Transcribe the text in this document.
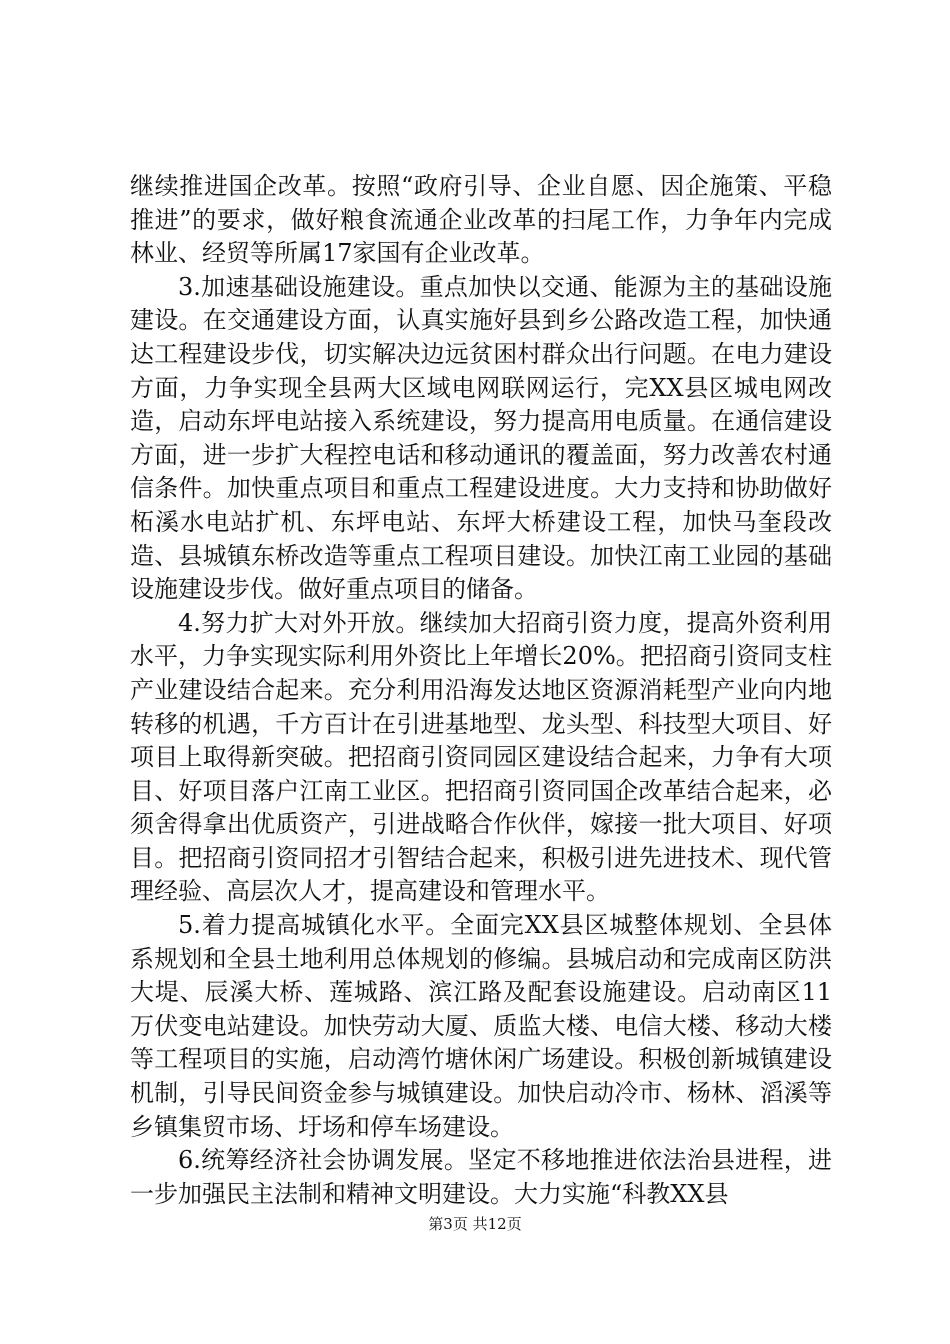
继续推进国企改革。按照“政府引导、企业自愿、因企施策、平稳推进”的要求，做好粮食流通企业改革的扫尾工作，力争年内完成林业、经贸等所属17家国有企业改革。

3.加速基础设施建设。重点加快以交通、能源为主的基础设施建设。在交通建设方面，认真实施好县到乡公路改造工程，加快通达工程建设步伐，切实解决边远贫困村群众出行问题。在电力建设方面，力争实现全县两大区域电网联网运行，完XX县区城电网改造，启动东坪电站接入系统建设，努力提高用电质量。在通信建设方面，进一步扩大程控电话和移动通讯的覆盖面，努力改善农村通信条件。加快重点项目和重点工程建设进度。大力支持和协助做好柘溪水电站扩机、东坪电站、东坪大桥建设工程，加快马奎段改造、县城镇东桥改造等重点工程项目建设。加快江南工业园的基础设施建设步伐。做好重点项目的储备。

4.努力扩大对外开放。继续加大招商引资力度，提高外资利用水平，力争实现实际利用外资比上年增长20%。把招商引资同支柱产业建设结合起来。充分利用沿海发达地区资源消耗型产业向内地转移的机遇，千方百计在引进基地型、龙头型、科技型大项目、好项目上取得新突破。把招商引资同园区建设结合起来，力争有大项目、好项目落户江南工业区。把招商引资同国企改革结合起来，必须舍得拿出优质资产，引进战略合作伙伴，嫁接一批大项目、好项目。把招商引资同招才引智结合起来，积极引进先进技术、现代管理经验、高层次人才，提高建设和管理水平。

5.着力提高城镇化水平。全面完XX县区城整体规划、全县体系规划和全县土地利用总体规划的修编。县城启动和完成南区防洪大堤、辰溪大桥、莲城路、滨江路及配套设施建设。启动南区11万伏变电站建设。加快劳动大厦、质监大楼、电信大楼、移动大楼等工程项目的实施，启动湾竹塘休闲广场建设。积极创新城镇建设机制，引导民间资金参与城镇建设。加快启动冷市、杨林、滔溪等乡镇集贸市场、圩场和停车场建设。

6.统筹经济社会协调发展。坚定不移地推进依法治县进程，进一步加强民主法制和精神文明建设。大力实施“科教XX县

第3页 共12页
